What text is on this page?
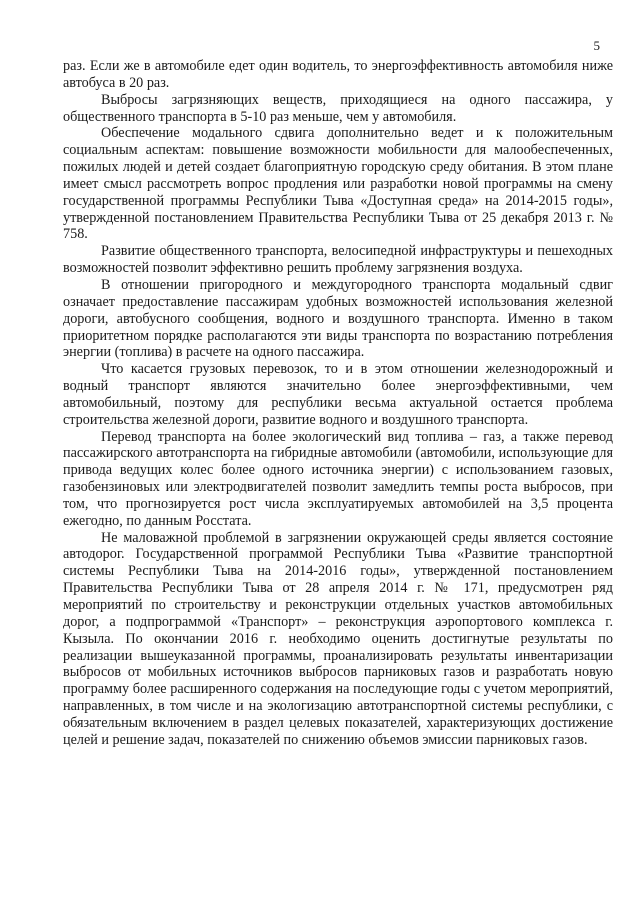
5

раз. Если же в автомобиле едет один водитель, то энергоэффективность автомобиля ниже автобуса в 20 раз.

Выбросы загрязняющих веществ, приходящиеся на одного пассажира, у общественного транспорта в 5-10 раз меньше, чем у автомобиля.

Обеспечение модального сдвига дополнительно ведет и к положительным социальным аспектам: повышение возможности мобильности для малообеспеченных, пожилых людей и детей создает благоприятную городскую среду обитания. В этом плане имеет смысл рассмотреть вопрос продления или разработки новой программы на смену государственной программы Республики Тыва «Доступная среда» на 2014-2015 годы», утвержденной постановлением Правительства Республики Тыва от 25 декабря 2013 г. № 758.

Развитие общественного транспорта, велосипедной инфраструктуры и пешеходных возможностей позволит эффективно решить проблему загрязнения воздуха.

В отношении пригородного и междугородного транспорта модальный сдвиг означает предоставление пассажирам удобных возможностей использования железной дороги, автобусного сообщения, водного и воздушного транспорта. Именно в таком приоритетном порядке располагаются эти виды транспорта по возрастанию потребления энергии (топлива) в расчете на одного пассажира.

Что касается грузовых перевозок, то и в этом отношении железнодорожный и водный транспорт являются значительно более энергоэффективными, чем автомобильный, поэтому для республики весьма актуальной остается проблема строительства железной дороги, развитие водного и воздушного транспорта.

Перевод транспорта на более экологический вид топлива – газ, а также перевод пассажирского автотранспорта на гибридные автомобили (автомобили, использующие для привода ведущих колес более одного источника энергии) с использованием газовых, газобензиновых или электродвигателей позволит замедлить темпы роста выбросов, при том, что прогнозируется рост числа эксплуатируемых автомобилей на 3,5 процента ежегодно, по данным Росстата.

Не маловажной проблемой в загрязнении окружающей среды является состояние автодорог. Государственной программой Республики Тыва «Развитие транспортной системы Республики Тыва на 2014-2016 годы», утвержденной постановлением Правительства Республики Тыва от 28 апреля 2014 г. № 171, предусмотрен ряд мероприятий по строительству и реконструкции отдельных участков автомобильных дорог, а подпрограммой «Транспорт» – реконструкция аэропортового комплекса г. Кызыла. По окончании 2016 г. необходимо оценить достигнутые результаты по реализации вышеуказанной программы, проанализировать результаты инвентаризации выбросов от мобильных источников выбросов парниковых газов и разработать новую программу более расширенного содержания на последующие годы с учетом мероприятий, направленных, в том числе и на экологизацию автотранспортной системы республики, с обязательным включением в раздел целевых показателей, характеризующих достижение целей и решение задач, показателей по снижению объемов эмиссии парниковых газов.
